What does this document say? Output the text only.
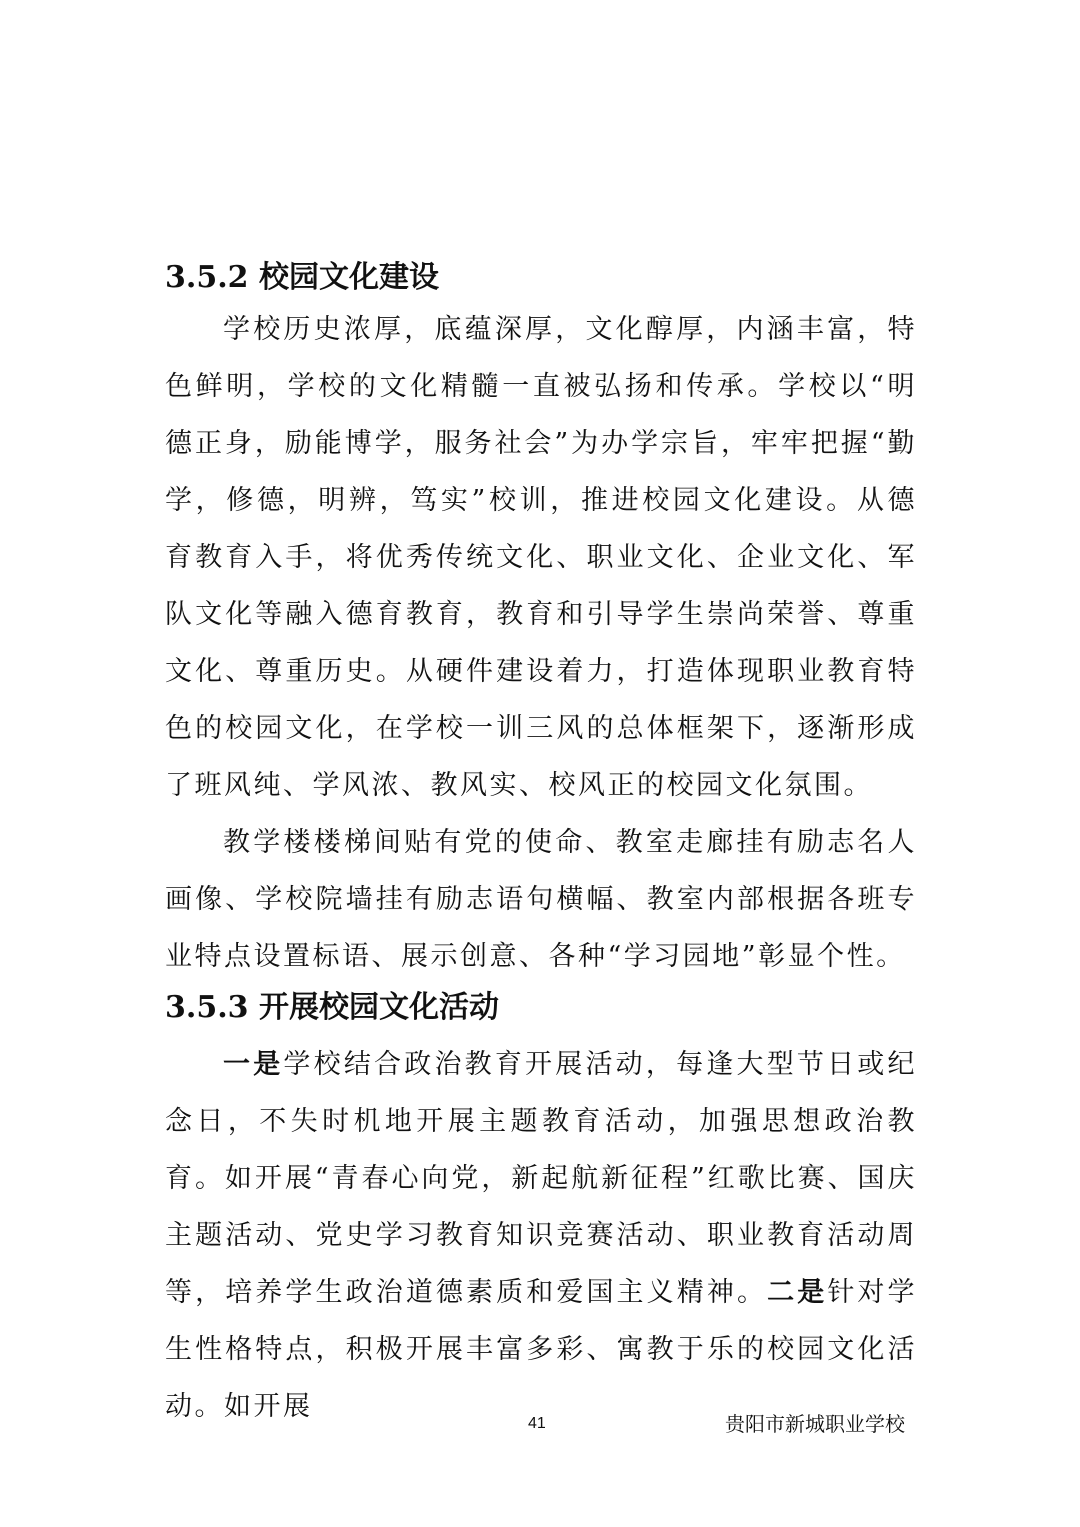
3.5.2 校园文化建设

学校历史浓厚，底蕴深厚，文化醇厚，内涵丰富，特色鲜明，学校的文化精髓一直被弘扬和传承。学校以“明德正身，励能博学，服务社会”为办学宗旨，牢牢把握“勤学，修德，明辨，笃实”校训，推进校园文化建设。从德育教育入手，将优秀传统文化、职业文化、企业文化、军队文化等融入德育教育，教育和引导学生崇尚荣誉、尊重文化、尊重历史。从硬件建设着力，打造体现职业教育特色的校园文化，在学校一训三风的总体框架下，逐渐形成了班风纯、学风浓、教风实、校风正的校园文化氛围。

教学楼楼梯间贴有党的使命、教室走廊挂有励志名人画像、学校院墙挂有励志语句横幅、教室内部根据各班专业特点设置标语、展示创意、各种“学习园地”彰显个性。

3.5.3 开展校园文化活动

一是学校结合政治教育开展活动，每逢大型节日或纪念日，不失时机地开展主题教育活动，加强思想政治教育。如开展“青春心向党，新起航新征程”红歌比赛、国庆主题活动、党史学习教育知识竞赛活动、职业教育活动周等，培养学生政治道德素质和爱国主义精神。二是针对学生性格特点，积极开展丰富多彩、寓教于乐的校园文化活动。如开展

41	贵阳市新城职业学校
